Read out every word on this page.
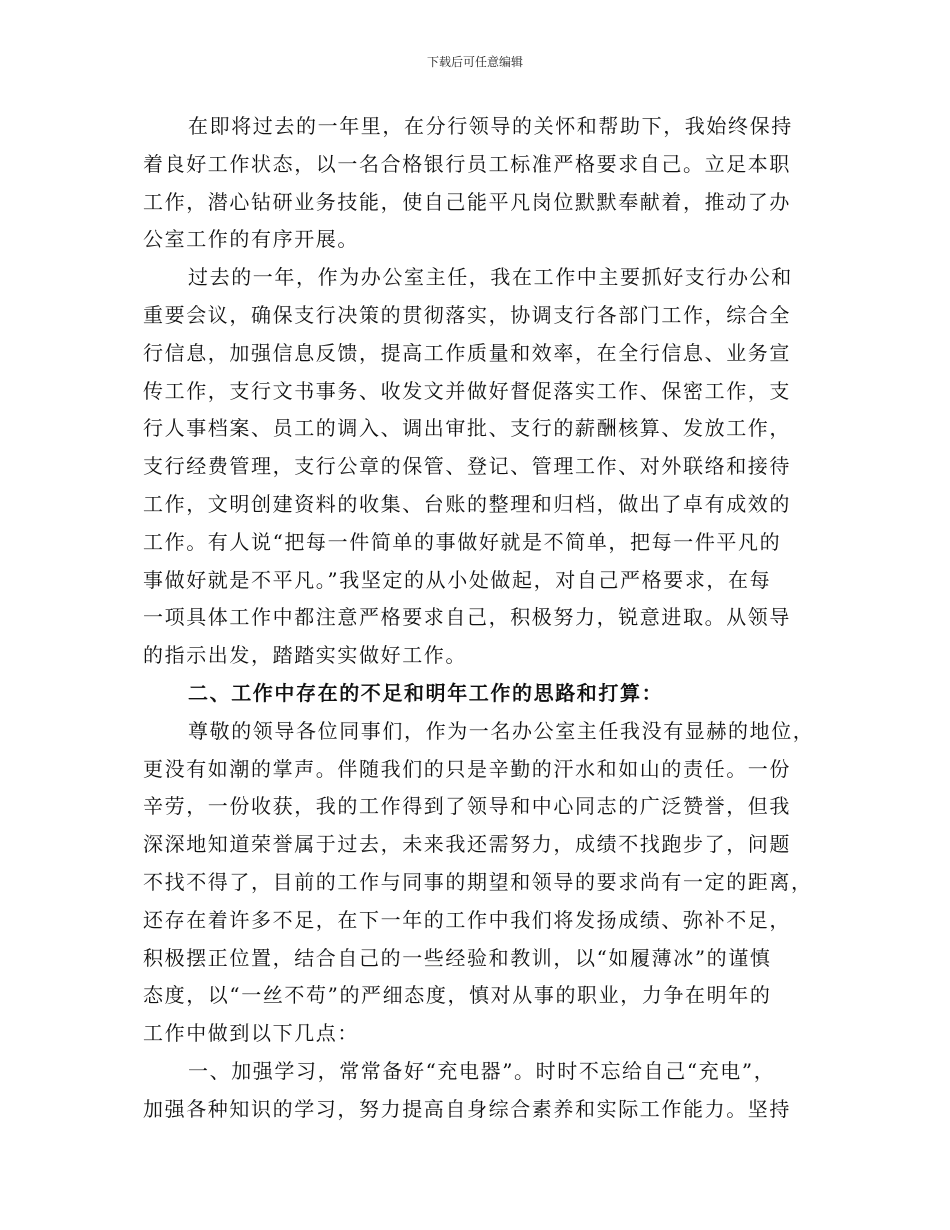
下载后可任意编辑

在即将过去的一年里，在分行领导的关怀和帮助下，我始终保持
着良好工作状态，以一名合格银行员工标准严格要求自己。立足本职
工作，潜心钻研业务技能，使自己能平凡岗位默默奉献着，推动了办
公室工作的有序开展。

过去的一年，作为办公室主任，我在工作中主要抓好支行办公和
重要会议，确保支行决策的贯彻落实，协调支行各部门工作，综合全
行信息，加强信息反馈，提高工作质量和效率，在全行信息、业务宣
传工作，支行文书事务、收发文并做好督促落实工作、保密工作，支
行人事档案、员工的调入、调出审批、支行的薪酬核算、发放工作，
支行经费管理，支行公章的保管、登记、管理工作、对外联络和接待
工作，文明创建资料的收集、台账的整理和归档，做出了卓有成效的
工作。有人说“把每一件简单的事做好就是不简单，把每一件平凡的
事做好就是不平凡。”我坚定的从小处做起，对自己严格要求，在每
一项具体工作中都注意严格要求自己，积极努力，锐意进取。从领导
的指示出发，踏踏实实做好工作。

二、工作中存在的不足和明年工作的思路和打算：

尊敬的领导各位同事们，作为一名办公室主任我没有显赫的地位，
更没有如潮的掌声。伴随我们的只是辛勤的汗水和如山的责任。一份
辛劳，一份收获，我的工作得到了领导和中心同志的广泛赞誉，但我
深深地知道荣誉属于过去，未来我还需努力，成绩不找跑步了，问题
不找不得了，目前的工作与同事的期望和领导的要求尚有一定的距离，
还存在着许多不足，在下一年的工作中我们将发扬成绩、弥补不足，
积极摆正位置，结合自己的一些经验和教训，以“如履薄冰”的谨慎
态度，以“一丝不苟”的严细态度，慎对从事的职业，力争在明年的
工作中做到以下几点：

一、加强学习，常常备好“充电器”。时时不忘给自己“充电”，
加强各种知识的学习，努力提高自身综合素养和实际工作能力。坚持
